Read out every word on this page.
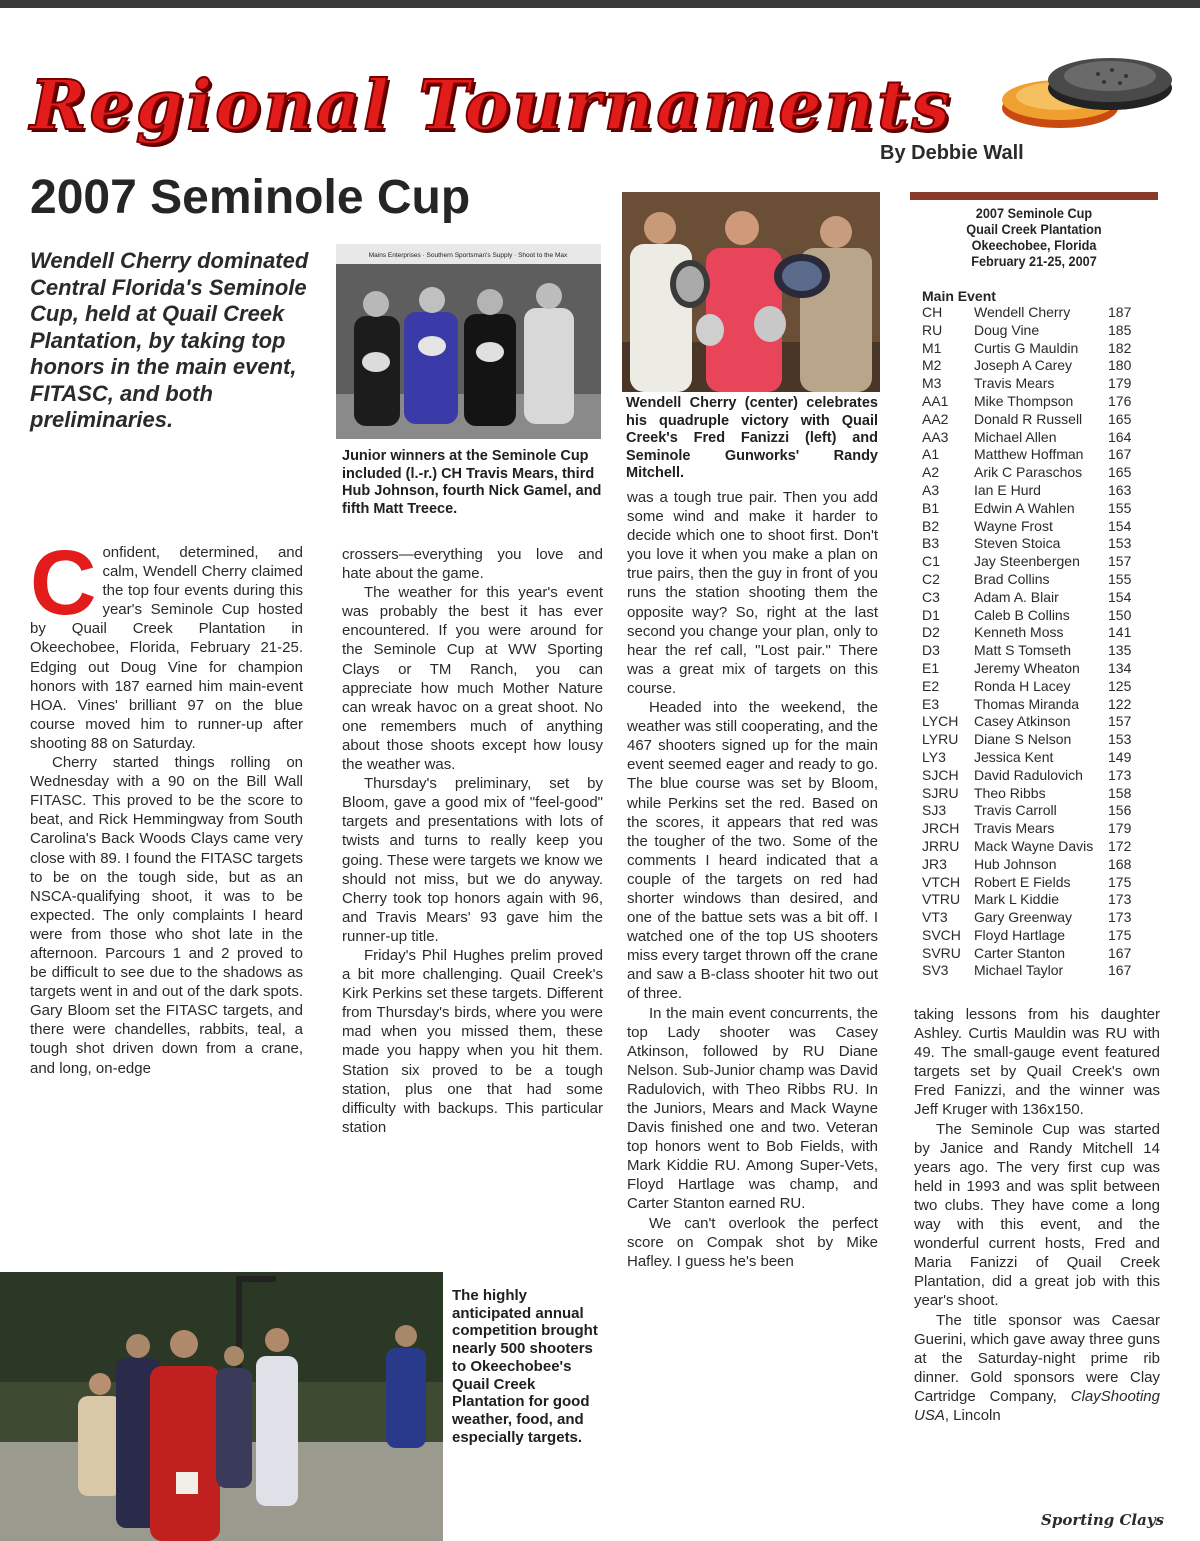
Regional Tournaments
By Debbie Wall
2007 Seminole Cup
Wendell Cherry dominated Central Florida's Seminole Cup, held at Quail Creek Plantation, by taking top honors in the main event, FITASC, and both preliminaries.
Mains Enterprises · Southern Sportsman's Supply · Shoot to the Max
Junior winners at the Seminole Cup included (l.-r.) CH Travis Mears, third Hub Johnson, fourth Nick Gamel, and fifth Matt Treece.
Wendell Cherry (center) celebrates his quadruple victory with Quail Creek's Fred Fanizzi (left) and Seminole Gunworks' Randy Mitchell.
The highly anticipated annual competition brought nearly 500 shooters to Okeechobee's Quail Creek Plantation for good weather, food, and especially targets.

Confident, determined, and calm, Wendell Cherry claimed the top four events during this year's Seminole Cup hosted by Quail Creek Plantation in Okeechobee, Florida, February 21-25. Edging out Doug Vine for champion honors with 187 earned him main-event HOA. Vines' brilliant 97 on the blue course moved him to runner-up after shooting 88 on Saturday.

Cherry started things rolling on Wednesday with a 90 on the Bill Wall FITASC. This proved to be the score to beat, and Rick Hemmingway from South Carolina's Back Woods Clays came very close with 89. I found the FITASC targets to be on the tough side, but as an NSCA-qualifying shoot, it was to be expected. The only complaints I heard were from those who shot late in the afternoon. Parcours 1 and 2 proved to be difficult to see due to the shadows as targets went in and out of the dark spots. Gary Bloom set the FITASC targets, and there were chandelles, rabbits, teal, a tough shot driven down from a crane, and long, on-edge

crossers—everything you love and hate about the game.

The weather for this year's event was probably the best it has ever encountered. If you were around for the Seminole Cup at WW Sporting Clays or TM Ranch, you can appreciate how much Mother Nature can wreak havoc on a great shoot. No one remembers much of anything about those shoots except how lousy the weather was.

Thursday's preliminary, set by Bloom, gave a good mix of "feel-good" targets and presentations with lots of twists and turns to really keep you going. These were targets we know we should not miss, but we do anyway. Cherry took top honors again with 96, and Travis Mears' 93 gave him the runner-up title.

Friday's Phil Hughes prelim proved a bit more challenging. Quail Creek's Kirk Perkins set these targets. Different from Thursday's birds, where you were mad when you missed them, these made you happy when you hit them. Station six proved to be a tough station, plus one that had some difficulty with backups. This particular station

was a tough true pair. Then you add some wind and make it harder to decide which one to shoot first. Don't you love it when you make a plan on true pairs, then the guy in front of you runs the station shooting them the opposite way? So, right at the last second you change your plan, only to hear the ref call, "Lost pair." There was a great mix of targets on this course.

Headed into the weekend, the weather was still cooperating, and the 467 shooters signed up for the main event seemed eager and ready to go. The blue course was set by Bloom, while Perkins set the red. Based on the scores, it appears that red was the tougher of the two. Some of the comments I heard indicated that a couple of the targets on red had shorter windows than desired, and one of the battue sets was a bit off. I watched one of the top US shooters miss every target thrown off the crane and saw a B-class shooter hit two out of three.

In the main event concurrents, the top Lady shooter was Casey Atkinson, followed by RU Diane Nelson. Sub-Junior champ was David Radulovich, with Theo Ribbs RU. In the Juniors, Mears and Mack Wayne Davis finished one and two. Veteran top honors went to Bob Fields, with Mark Kiddie RU. Among Super-Vets, Floyd Hartlage was champ, and Carter Stanton earned RU.

We can't overlook the perfect score on Compak shot by Mike Hafley. I guess he's been

taking lessons from his daughter Ashley. Curtis Mauldin was RU with 49. The small-gauge event featured targets set by Quail Creek's own Fred Fanizzi, and the winner was Jeff Kruger with 136x150.

The Seminole Cup was started by Janice and Randy Mitchell 14 years ago. The very first cup was held in 1993 and was split between two clubs. They have come a long way with this event, and the wonderful current hosts, Fred and Maria Fanizzi of Quail Creek Plantation, did a great job with this year's shoot.

The title sponsor was Caesar Guerini, which gave away three guns at the Saturday-night prime rib dinner. Gold sponsors were Clay Cartridge Company, ClayShooting USA, Lincoln

2007 Seminole Cup
Quail Creek Plantation
Okeechobee, Florida
February 21-25, 2007
Main Event
CH	Wendell Cherry	187
RU	Doug Vine	185
M1	Curtis G Mauldin	182
M2	Joseph A Carey	180
M3	Travis Mears	179
AA1	Mike Thompson	176
AA2	Donald R Russell	165
AA3	Michael Allen	164
A1	Matthew Hoffman	167
A2	Arik C Paraschos	165
A3	Ian E Hurd	163
B1	Edwin A Wahlen	155
B2	Wayne Frost	154
B3	Steven Stoica	153
C1	Jay Steenbergen	157
C2	Brad Collins	155
C3	Adam A. Blair	154
D1	Caleb B Collins	150
D2	Kenneth Moss	141
D3	Matt S Tomseth	135
E1	Jeremy Wheaton	134
E2	Ronda H Lacey	125
E3	Thomas Miranda	122
LYCH	Casey Atkinson	157
LYRU	Diane S Nelson	153
LY3	Jessica Kent	149
SJCH	David Radulovich	173
SJRU	Theo Ribbs	158
SJ3	Travis Carroll	156
JRCH	Travis Mears	179
JRRU	Mack Wayne Davis	172
JR3	Hub Johnson	168
VTCH	Robert E Fields	175
VTRU	Mark L Kiddie	173
VT3	Gary Greenway	173
SVCH	Floyd Hartlage	175
SVRU	Carter Stanton	167
SV3	Michael Taylor	167
Sporting Clays
